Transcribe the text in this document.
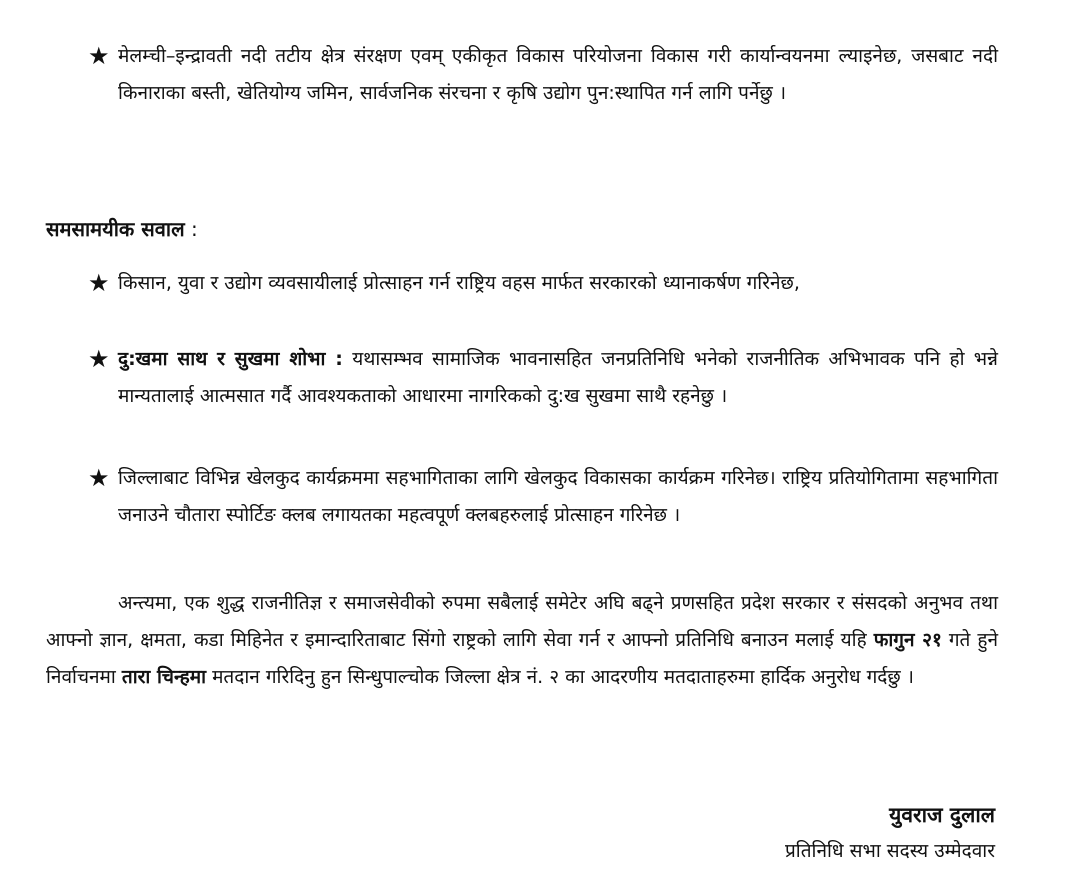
★ मेलम्ची–इन्द्रावती नदी तटीय क्षेत्र संरक्षण एवम् एकीकृत विकास परियोजना विकास गरी कार्यान्वयनमा ल्याइनेछ, जसबाट नदी किनाराका बस्ती, खेतियोग्य जमिन, सार्वजनिक संरचना र कृषि उद्योग पुन:स्थापित गर्न लागि पर्नेछु ।
समसामयीक सवाल :
★ किसान, युवा र उद्योग व्यवसायीलाई प्रोत्साहन गर्न राष्ट्रिय वहस मार्फत सरकारको ध्यानाकर्षण गरिनेछ,
★ दु:खमा साथ र सुखमा शोभा : यथासम्भव सामाजिक भावनासहित जनप्रतिनिधि भनेको राजनीतिक अभिभावक पनि हो भन्ने मान्यतालाई आत्मसात गर्दै आवश्यकताको आधारमा नागरिकको दु:ख सुखमा साथै रहनेछु ।
★ जिल्लाबाट विभिन्न खेलकुद कार्यक्रममा सहभागिताका लागि खेलकुद विकासका कार्यक्रम गरिनेछ। राष्ट्रिय प्रतियोगितामा सहभागिता जनाउने चौतारा स्पोर्टिङ क्लब लगायतका महत्वपूर्ण क्लबहरुलाई प्रोत्साहन गरिनेछ ।
अन्त्यमा, एक शुद्ध राजनीतिज्ञ र समाजसेवीको रुपमा सबैलाई समेटेर अघि बढ्ने प्रणसहित प्रदेश सरकार र संसदको अनुभव तथा आफ्नो ज्ञान, क्षमता, कडा मिहिनेत र इमान्दारिताबाट सिंगो राष्ट्रको लागि सेवा गर्न र आफ्नो प्रतिनिधि बनाउन मलाई यहि फागुन २१ गते हुने निर्वाचनमा तारा चिन्हमा मतदान गरिदिनु हुन सिन्धुपाल्चोक जिल्ला क्षेत्र नं. २ का आदरणीय मतदाताहरुमा हार्दिक अनुरोध गर्दछु ।
युवराज दुलाल
प्रतिनिधि सभा सदस्य उम्मेदवार
